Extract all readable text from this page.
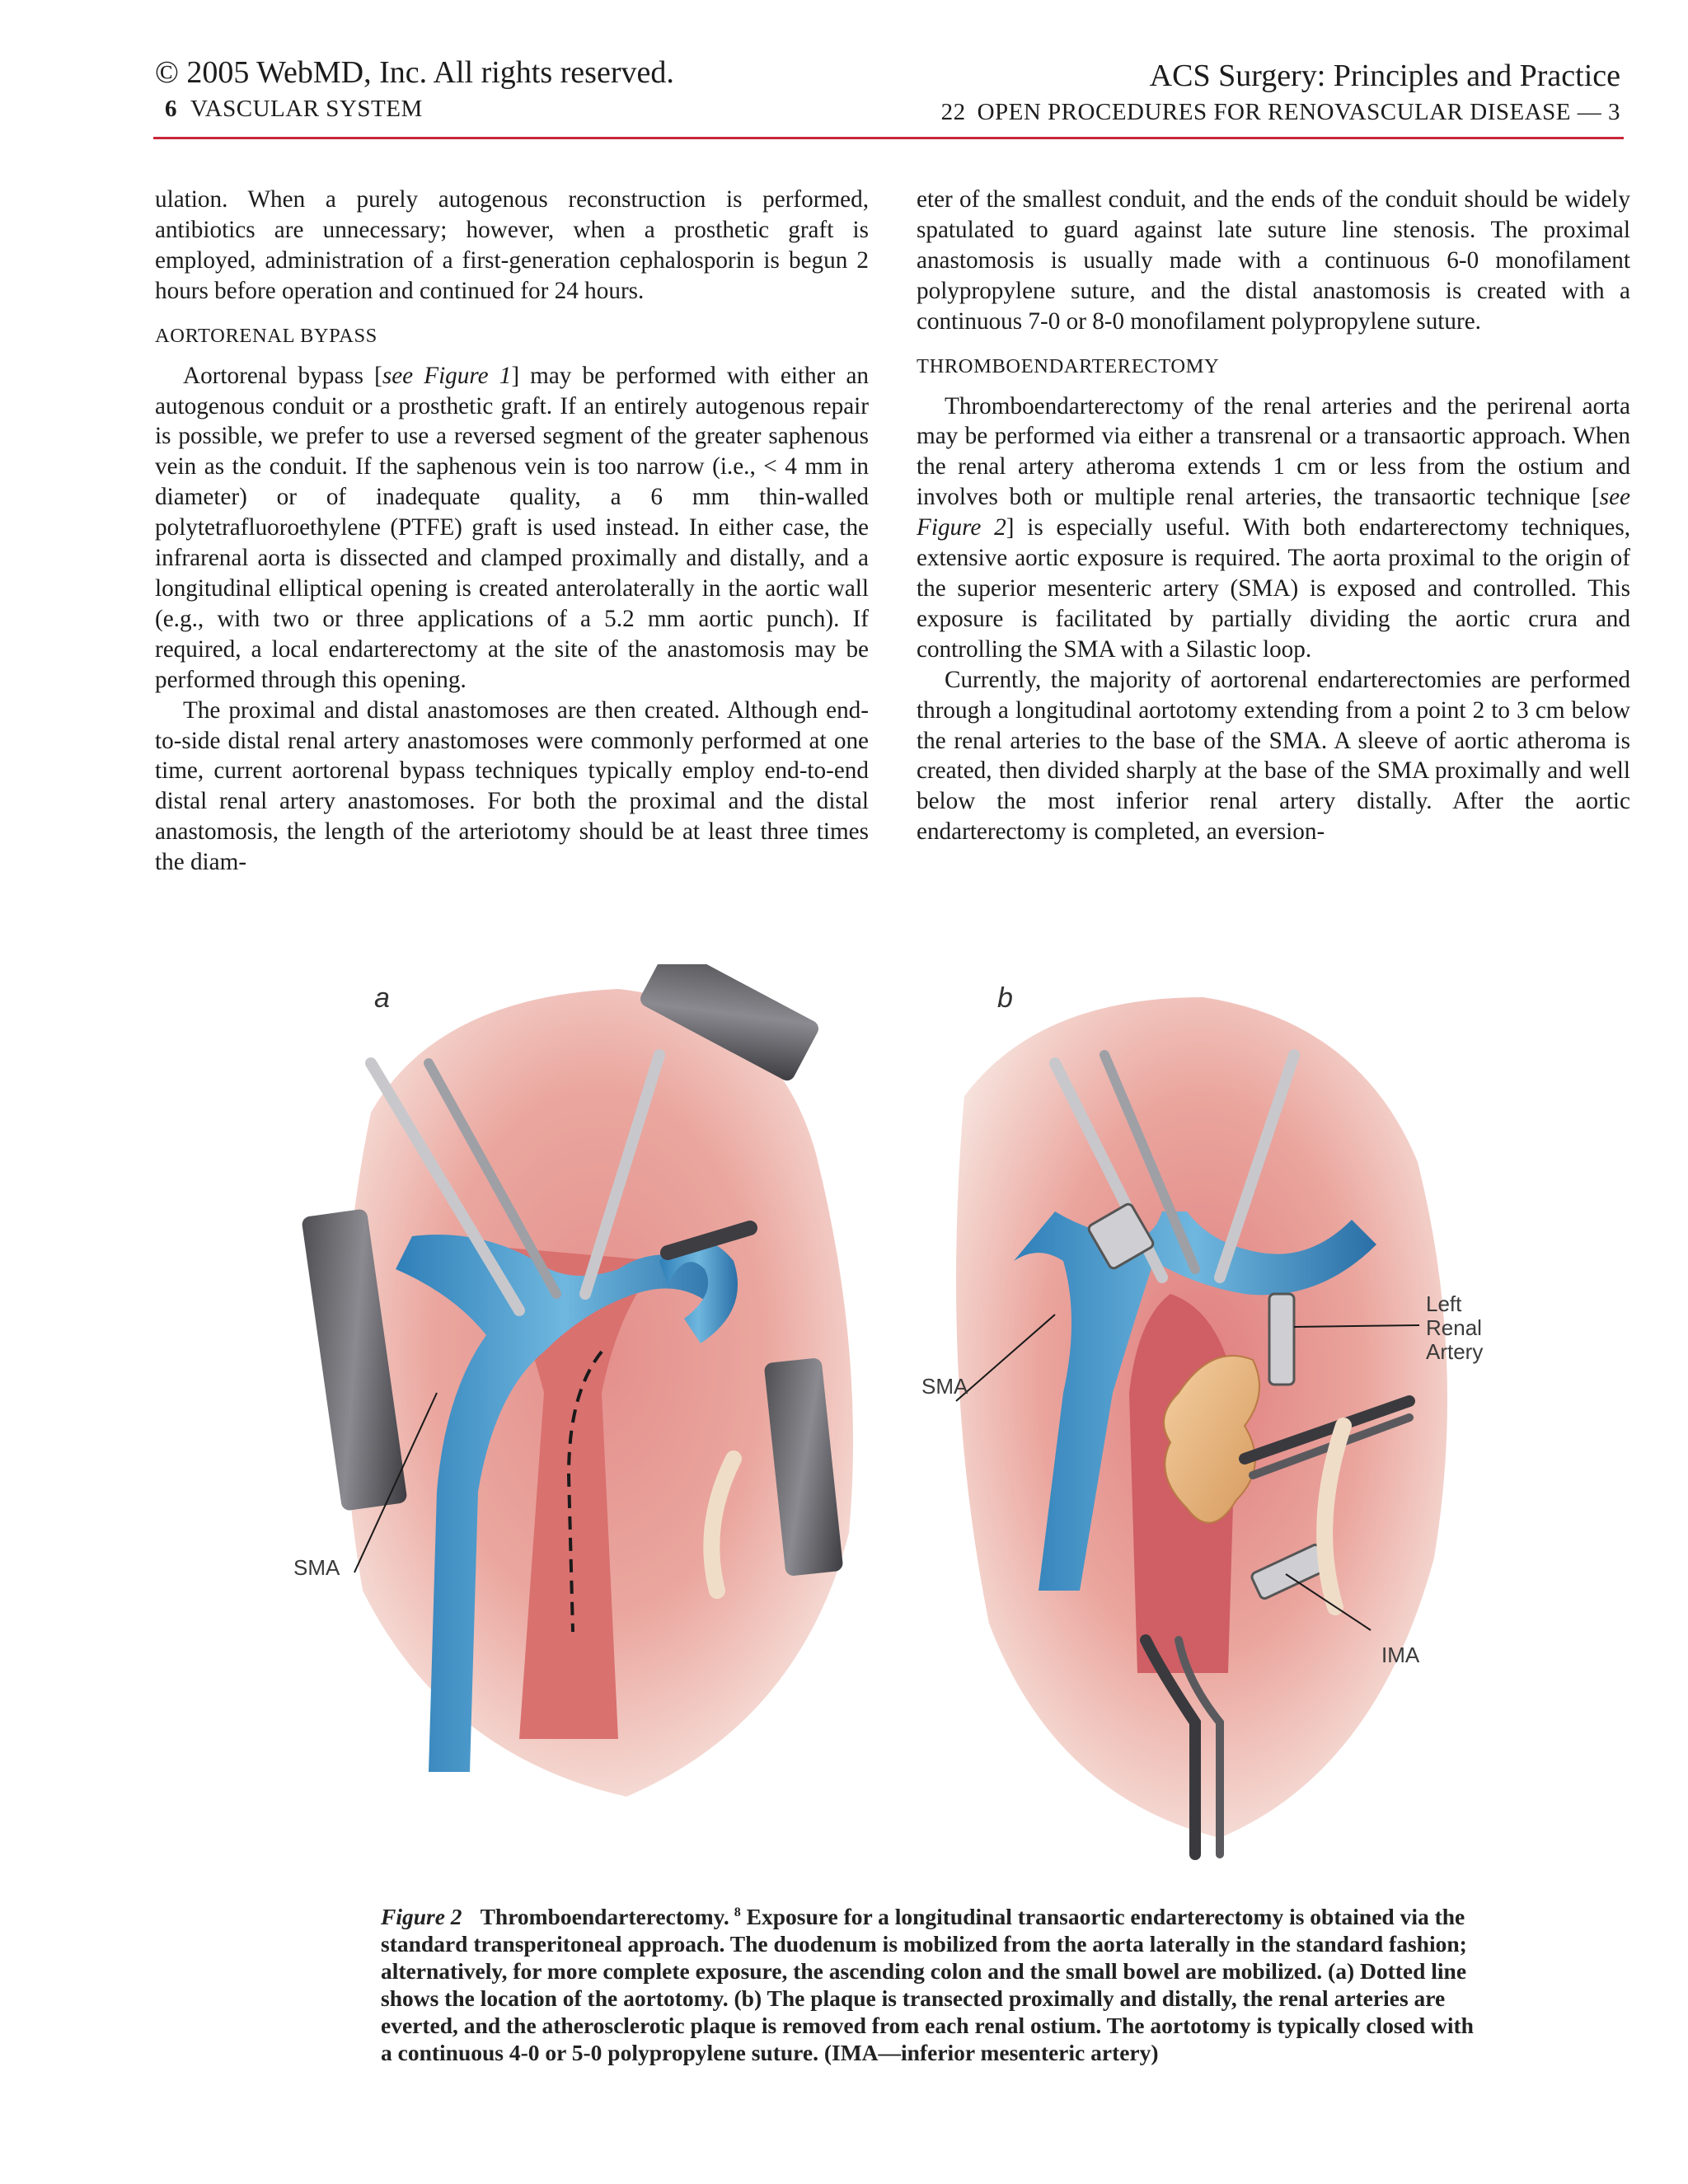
© 2005 WebMD, Inc. All rights reserved.	ACS Surgery: Principles and Practice
6 VASCULAR SYSTEM	22 OPEN PROCEDURES FOR RENOVASCULAR DISEASE — 3

ulation. When a purely autogenous reconstruction is performed, antibiotics are unnecessary; however, when a prosthetic graft is employed, administration of a first-generation cephalosporin is begun 2 hours before operation and continued for 24 hours.

AORTORENAL BYPASS

Aortorenal bypass [see Figure 1] may be performed with either an autogenous conduit or a prosthetic graft. If an entirely autogenous repair is possible, we prefer to use a reversed segment of the greater saphenous vein as the conduit. If the saphenous vein is too narrow (i.e., < 4 mm in diameter) or of inadequate quality, a 6 mm thin-walled polytetrafluoroethylene (PTFE) graft is used instead. In either case, the infrarenal aorta is dissected and clamped proximally and distally, and a longitudinal elliptical opening is created anterolaterally in the aortic wall (e.g., with two or three applications of a 5.2 mm aortic punch). If required, a local endarterectomy at the site of the anastomosis may be performed through this opening.

The proximal and distal anastomoses are then created. Although end-to-side distal renal artery anastomoses were commonly performed at one time, current aortorenal bypass techniques typically employ end-to-end distal renal artery anastomoses. For both the proximal and the distal anastomosis, the length of the arteriotomy should be at least three times the diam-

eter of the smallest conduit, and the ends of the conduit should be widely spatulated to guard against late suture line stenosis. The proximal anastomosis is usually made with a continuous 6-0 monofilament polypropylene suture, and the distal anastomosis is created with a continuous 7-0 or 8-0 monofilament polypropylene suture.

THROMBOENDARTERECTOMY

Thromboendarterectomy of the renal arteries and the perirenal aorta may be performed via either a transrenal or a transaortic approach. When the renal artery atheroma extends 1 cm or less from the ostium and involves both or multiple renal arteries, the transaortic technique [see Figure 2] is especially useful. With both endarterectomy techniques, extensive aortic exposure is required. The aorta proximal to the origin of the superior mesenteric artery (SMA) is exposed and controlled. This exposure is facilitated by partially dividing the aortic crura and controlling the SMA with a Silastic loop.

Currently, the majority of aortorenal endarterectomies are performed through a longitudinal aortotomy extending from a point 2 to 3 cm below the renal arteries to the base of the SMA. A sleeve of aortic atheroma is created, then divided sharply at the base of the SMA proximally and well below the most inferior renal artery distally. After the aortic endarterectomy is completed, an eversion-

a	b
SMA
SMA
Left
Renal
Artery
IMA
Figure 2 Thromboendarterectomy. $^8$ Exposure for a longitudinal transaortic endarterectomy is obtained via the standard transperitoneal approach. The duodenum is mobilized from the aorta laterally in the standard fashion; alternatively, for more complete exposure, the ascending colon and the small bowel are mobilized. (a) Dotted line shows the location of the aortotomy. (b) The plaque is transected proximally and distally, the renal arteries are everted, and the atherosclerotic plaque is removed from each renal ostium. The aortotomy is typically closed with a continuous 4-0 or 5-0 polypropylene suture. (IMA—inferior mesenteric artery)
